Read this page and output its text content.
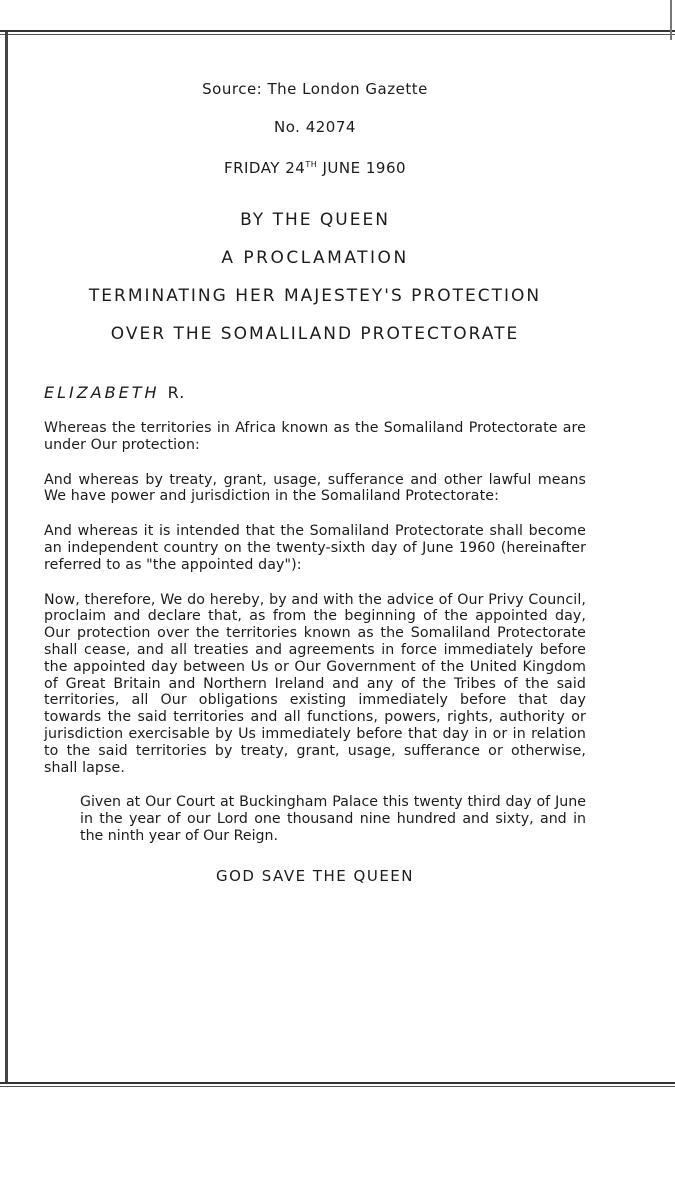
Source: The London Gazette
No. 42074
FRIDAY 24TH JUNE 1960
BY THE QUEEN
A PROCLAMATION
TERMINATING HER MAJESTEY'S PROTECTION
OVER THE SOMALILAND PROTECTORATE
ELIZABETH R.
Whereas the territories in Africa known as the Somaliland Protectorate are under Our protection:
And whereas by treaty, grant, usage, sufferance and other lawful means We have power and jurisdiction in the Somaliland Protectorate:
And whereas it is intended that the Somaliland Protectorate shall become an independent country on the twenty-sixth day of June 1960 (hereinafter referred to as "the appointed day"):
Now, therefore, We do hereby, by and with the advice of Our Privy Council, proclaim and declare that, as from the beginning of the appointed day, Our protection over the territories known as the Somaliland Protectorate shall cease, and all treaties and agreements in force immediately before the appointed day between Us or Our Government of the United Kingdom of Great Britain and Northern Ireland and any of the Tribes of the said territories, all Our obligations existing immediately before that day towards the said territories and all functions, powers, rights, authority or jurisdiction exercisable by Us immediately before that day in or in relation to the said territories by treaty, grant, usage, sufferance or otherwise, shall lapse.
Given at Our Court at Buckingham Palace this twenty third day of June in the year of our Lord one thousand nine hundred and sixty, and in the ninth year of Our Reign.
GOD SAVE THE QUEEN
